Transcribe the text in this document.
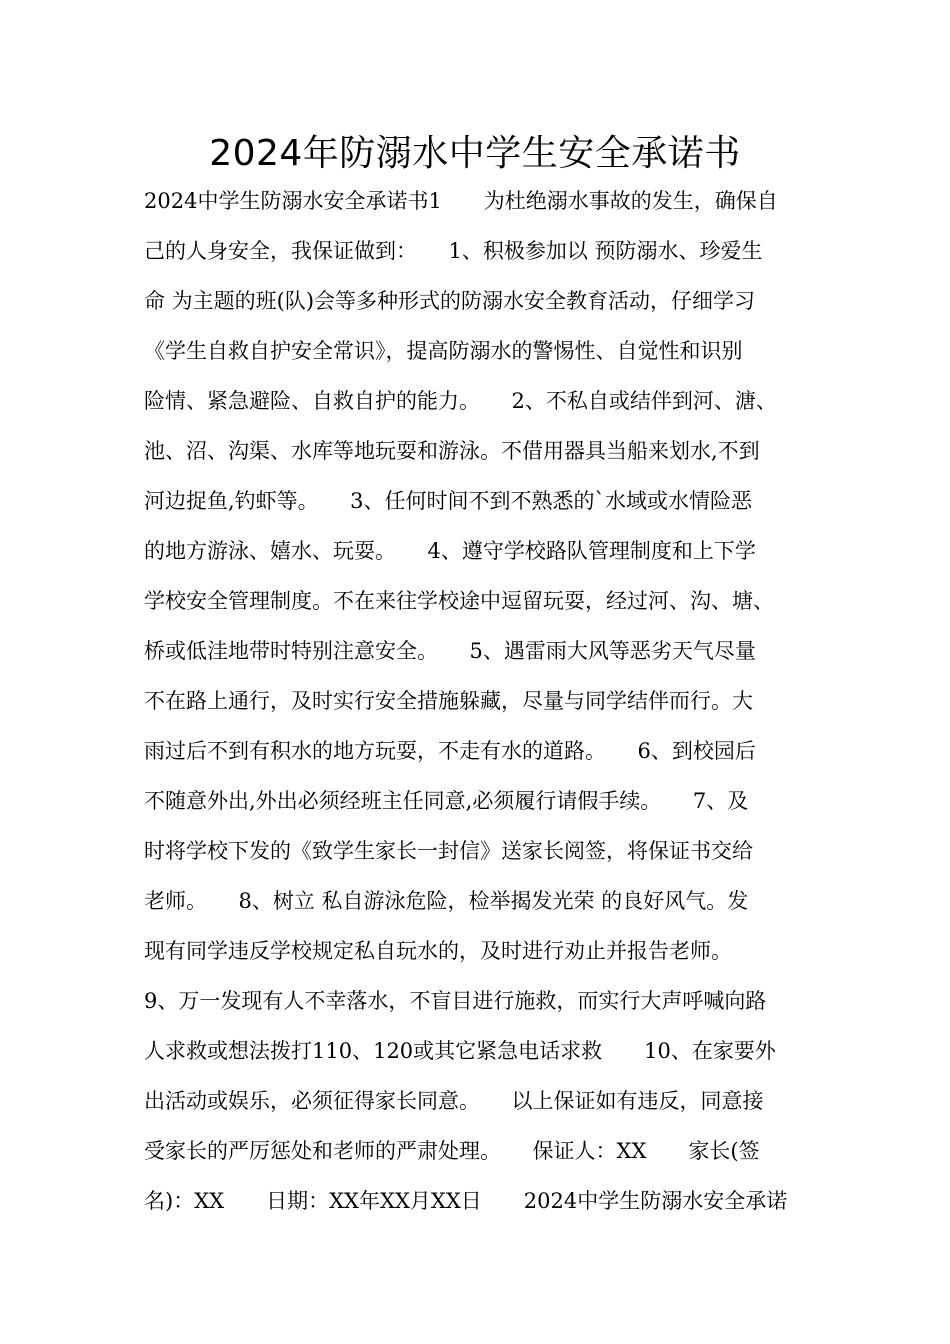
2024年防溺水中学生安全承诺书
2024中学生防溺水安全承诺书1　　为杜绝溺水事故的发生，确保自
己的人身安全，我保证做到：　　1、积极参加以 预防溺水、珍爱生
命 为主题的班(队)会等多种形式的防溺水安全教育活动，仔细学习
《学生自救自护安全常识》，提高防溺水的警惕性、自觉性和识别
险情、紧急避险、自救自护的能力。　　2、不私自或结伴到河、溏、
池、沼、沟渠、水库等地玩耍和游泳。不借用器具当船来划水,不到
河边捉鱼,钓虾等。　　3、任何时间不到不熟悉的`水域或水情险恶
的地方游泳、嬉水、玩耍。　　4、遵守学校路队管理制度和上下学
学校安全管理制度。不在来往学校途中逗留玩耍，经过河、沟、塘、
桥或低洼地带时特别注意安全。　　5、遇雷雨大风等恶劣天气尽量
不在路上通行，及时实行安全措施躲藏，尽量与同学结伴而行。大
雨过后不到有积水的地方玩耍，不走有水的道路。　　6、到校园后
不随意外出,外出必须经班主任同意,必须履行请假手续。　　7、及
时将学校下发的《致学生家长一封信》送家长阅签，将保证书交给
老师。　　8、树立 私自游泳危险，检举揭发光荣 的良好风气。发
现有同学违反学校规定私自玩水的，及时进行劝止并报告老师。
9、万一发现有人不幸落水，不盲目进行施救，而实行大声呼喊向路
人求救或想法拨打110、120或其它紧急电话求救　　10、在家要外
出活动或娱乐，必须征得家长同意。　　以上保证如有违反，同意接
受家长的严厉惩处和老师的严肃处理。　　保证人：XX　　家长(签
名)：XX　　日期：XX年XX月XX日　　2024中学生防溺水安全承诺
